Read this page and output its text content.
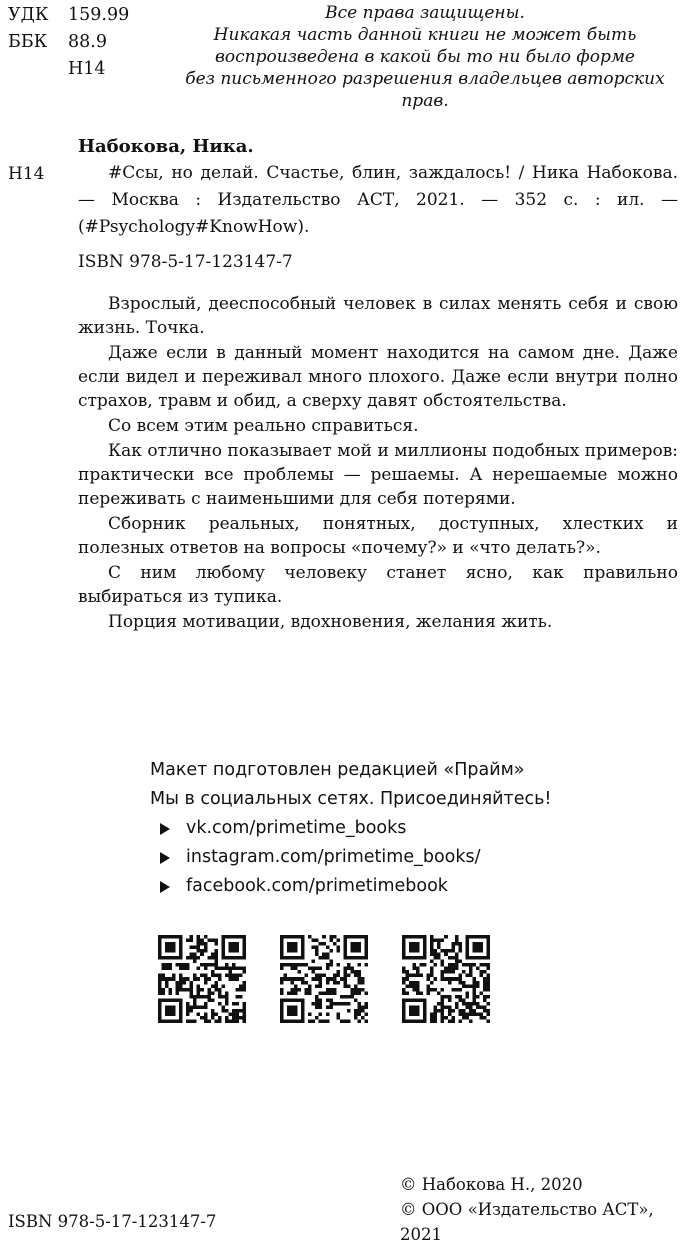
УДК	159.99
ББК	88.9
Н14
Все права защищены.
Никакая часть данной книги не может быть
воспроизведена в какой бы то ни было форме
без письменного разрешения владельцев авторских прав.
Набокова, Ника.
Н14	#Ссы, но делай. Счастье, блин, заждалось! / Ника Набокова. — Москва : Издательство АСТ, 2021. — 352 с. : ил. — (#Psychology#KnowHow).
ISBN 978-5-17-123147-7

Взрослый, дееспособный человек в силах менять себя и свою жизнь. Точка.

Даже если в данный момент находится на самом дне. Даже если видел и переживал много плохого. Даже если внутри полно страхов, травм и обид, а сверху давят обстоятельства.

Со всем этим реально справиться.

Как отлично показывает мой и миллионы подобных примеров: практически все проблемы — решаемы. А нерешаемые можно переживать с наименьшими для себя потерями.

Сборник реальных, понятных, доступных, хлестких и полезных ответов на вопросы «почему?» и «что делать?».

С ним любому человеку станет ясно, как правильно выбираться из тупика.

Порция мотивации, вдохновения, желания жить.

Макет подготовлен редакцией «Прайм»
Мы в социальных сетях. Присоединяйтесь!
vk.com/primetime_books
instagram.com/primetime_books/
facebook.com/primetimebook
ISBN 978-5-17-123147-7
© Набокова Н., 2020
© ООО «Издательство АСТ», 2021
